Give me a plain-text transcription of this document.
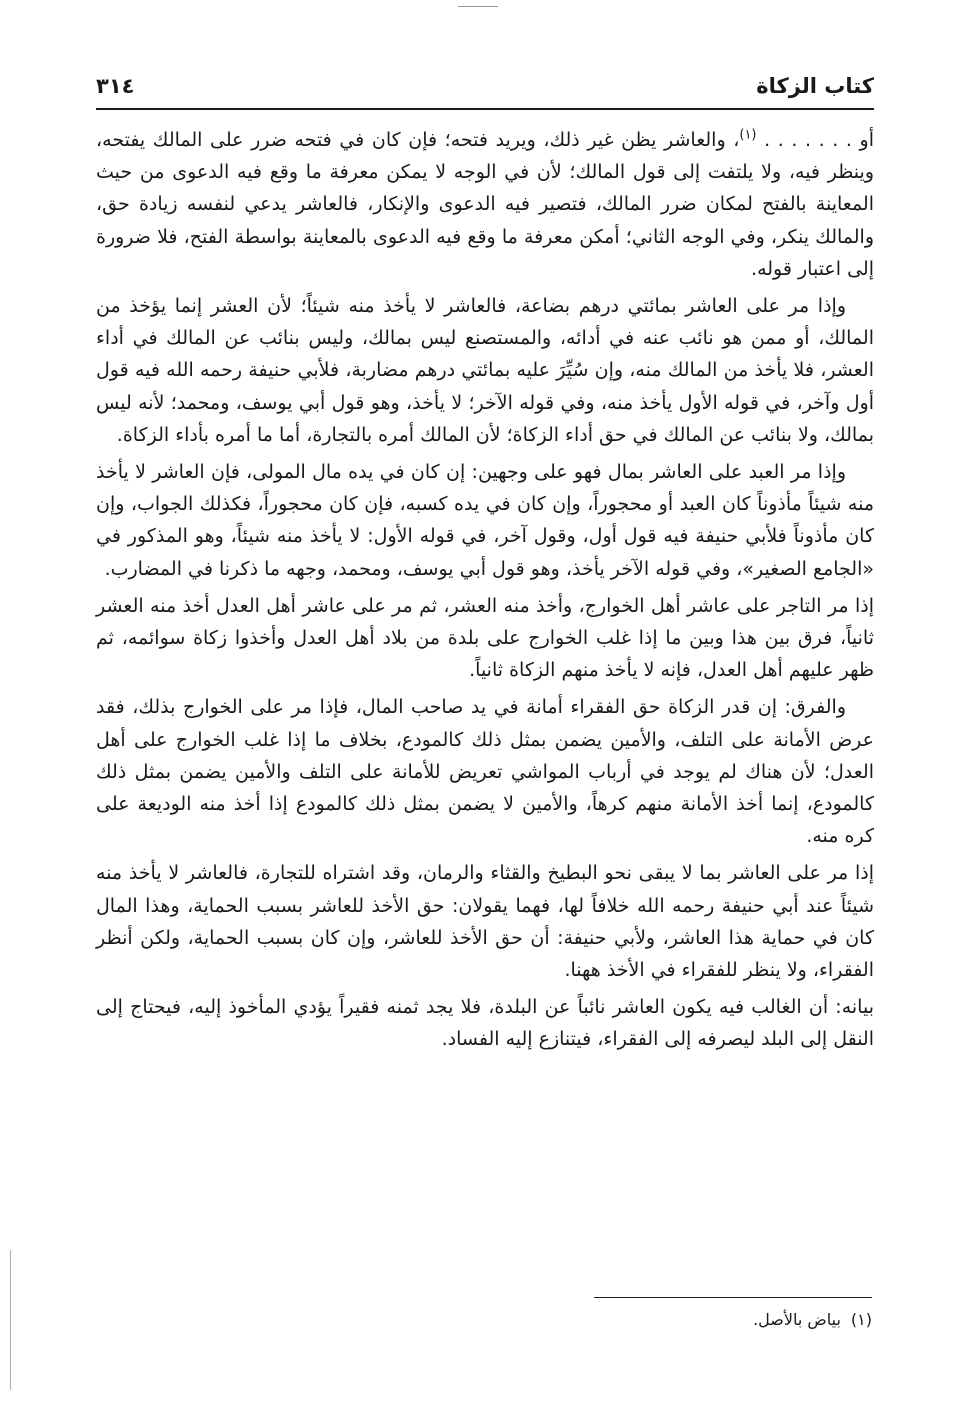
كتاب الزكاة
٣١٤

أو . . . . . . . $^{(١)}$، والعاشر يظن غير ذلك، ويريد فتحه؛ فإن كان في فتحه ضرر على المالك يفتحه، وينظر فيه، ولا يلتفت إلى قول المالك؛ لأن في الوجه لا يمكن معرفة ما وقع فيه الدعوى من حيث المعاينة بالفتح لمكان ضرر المالك، فتصير فيه الدعوى والإنكار، فالعاشر يدعي لنفسه زيادة حق، والمالك ينكر، وفي الوجه الثاني؛ أمكن معرفة ما وقع فيه الدعوى بالمعاينة بواسطة الفتح، فلا ضرورة إلى اعتبار قوله.

وإذا مر على العاشر بمائتي درهم بضاعة، فالعاشر لا يأخذ منه شيئاً؛ لأن العشر إنما يؤخذ من المالك، أو ممن هو نائب عنه في أدائه، والمستصنع ليس بمالك، وليس بنائب عن المالك في أداء العشر، فلا يأخذ من المالك منه، وإن سُيِّرَ عليه بمائتي درهم مضاربة، فلأبي حنيفة رحمه الله فيه قول أول وآخر، في قوله الأول يأخذ منه، وفي قوله الآخر؛ لا يأخذ، وهو قول أبي يوسف، ومحمد؛ لأنه ليس بمالك، ولا بنائب عن المالك في حق أداء الزكاة؛ لأن المالك أمره بالتجارة، أما ما أمره بأداء الزكاة.

وإذا مر العبد على العاشر بمال فهو على وجهين: إن كان في يده مال المولى، فإن العاشر لا يأخذ منه شيئاً مأذوناً كان العبد أو محجوراً، وإن كان في يده كسبه، فإن كان محجوراً، فكذلك الجواب، وإن كان مأذوناً فلأبي حنيفة فيه قول أول، وقول آخر، في قوله الأول: لا يأخذ منه شيئاً، وهو المذكور في «الجامع الصغير»، وفي قوله الآخر يأخذ، وهو قول أبي يوسف، ومحمد، وجهه ما ذكرنا في المضارب.

إذا مر التاجر على عاشر أهل الخوارج، وأخذ منه العشر، ثم مر على عاشر أهل العدل أخذ منه العشر ثانياً، فرق بين هذا وبين ما إذا غلب الخوارج على بلدة من بلاد أهل العدل وأخذوا زكاة سوائمه، ثم ظهر عليهم أهل العدل، فإنه لا يأخذ منهم الزكاة ثانياً.

والفرق: إن قدر الزكاة حق الفقراء أمانة في يد صاحب المال، فإذا مر على الخوارج بذلك، فقد عرض الأمانة على التلف، والأمين يضمن بمثل ذلك كالمودع، بخلاف ما إذا غلب الخوارج على أهل العدل؛ لأن هناك لم يوجد في أرباب المواشي تعريض للأمانة على التلف والأمين يضمن بمثل ذلك كالمودع، إنما أخذ الأمانة منهم كرهاً، والأمين لا يضمن بمثل ذلك كالمودع إذا أخذ منه الوديعة على كره منه.

إذا مر على العاشر بما لا يبقى نحو البطيخ والقثاء والرمان، وقد اشتراه للتجارة، فالعاشر لا يأخذ منه شيئاً عند أبي حنيفة رحمه الله خلافاً لها، فهما يقولان: حق الأخذ للعاشر بسبب الحماية، وهذا المال كان في حماية هذا العاشر، ولأبي حنيفة: أن حق الأخذ للعاشر، وإن كان بسبب الحماية، ولكن أنظر الفقراء، ولا ينظر للفقراء في الأخذ ههنا.

بيانه: أن الغالب فيه يكون العاشر نائباً عن البلدة، فلا يجد ثمنه فقيراً يؤدي المأخوذ إليه، فيحتاج إلى النقل إلى البلد ليصرفه إلى الفقراء، فيتنازع إليه الفساد.

(١)بياض بالأصل.
